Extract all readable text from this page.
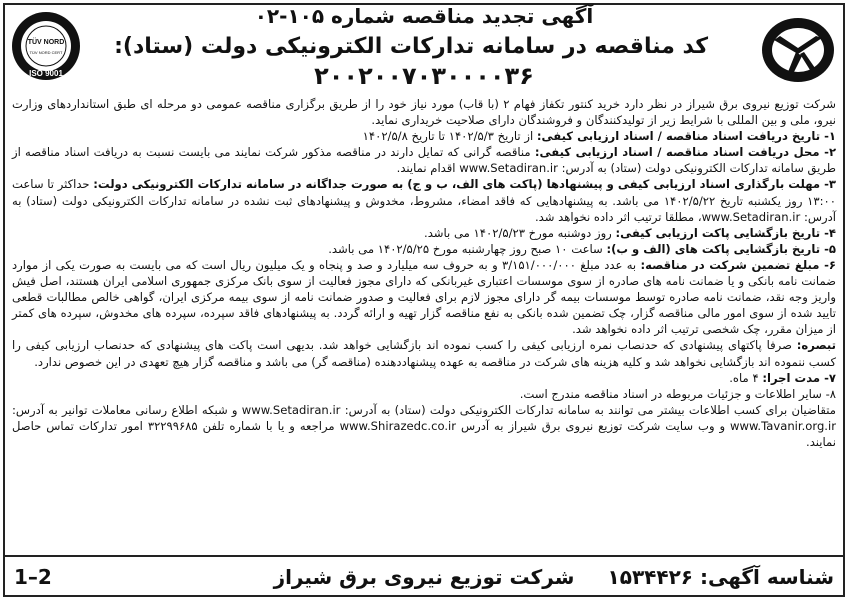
TÜV NORD
TÜV NORD CERT
ISO 9001
آگهی تجدید مناقصه شماره ۱۰۵-۰۲
کد مناقصه در سامانه تدارکات الکترونیکی دولت (ستاد):
۲۰۰۲۰۰۷۰۳۰۰۰۰۳۶

شرکت توزیع نیروی برق شیراز در نظر دارد خرید کنتور تکفاز فهام ۲ (با قاب) مورد نیاز خود را از طریق برگزاری مناقصه عمومی دو مرحله ای طبق استانداردهای وزارت نیرو، ملی و بین المللی با شرایط زیر از تولیدکنندگان و فروشندگان دارای صلاحیت خریداری نماید.

۱- تاریخ دریافت اسناد مناقصه / اسناد ارزیابی کیفی: از تاریخ ۱۴۰۲/۵/۳ تا تاریخ ۱۴۰۲/۵/۸

۲- محل دریافت اسناد مناقصه / اسناد ارزیابی کیفی: مناقصه گرانی که تمایل دارند در مناقصه مذکور شرکت نمایند می بایست نسبت به دریافت اسناد مناقصه از طریق سامانه تدارکات الکترونیکی دولت (ستاد) به آدرس: www.Setadiran.ir اقدام نمایند.

۳- مهلت بارگذاری اسناد ارزیابی کیفی و پیشنهادها (پاکت های الف، ب و ج) به صورت جداگانه در سامانه تدارکات الکترونیکی دولت: حداکثر تا ساعت ۱۳:۰۰ روز یکشنبه تاریخ ۱۴۰۲/۵/۲۲ می باشد. به پیشنهادهایی که فاقد امضاء، مشروط، مخدوش و پیشنهادهای ثبت نشده در سامانه تدارکات الکترونیکی دولت (ستاد) به آدرس: www.Setadiran.ir، مطلقا ترتیب اثر داده نخواهد شد.

۴- تاریخ بازگشایی پاکت ارزیابی کیفی: روز دوشنبه مورخ ۱۴۰۲/۵/۲۳ می باشد.

۵- تاریخ بازگشایی پاکت های (الف و ب): ساعت ۱۰ صبح روز چهارشنبه مورخ ۱۴۰۲/۵/۲۵ می باشد.

۶- مبلغ تضمین شرکت در مناقصه: به عدد مبلغ ۳/۱۵۱/۰۰۰/۰۰۰ و به حروف سه میلیارد و صد و پنجاه و یک میلیون ریال است که می بایست به صورت یکی از موارد ضمانت نامه بانکی و یا ضمانت نامه های صادره از سوی موسسات اعتباری غیربانکی که دارای مجوز فعالیت از سوی بانک مرکزی جمهوری اسلامی ایران هستند، اصل فیش واریز وجه نقد، ضمانت نامه صادره توسط موسسات بیمه گر دارای مجوز لازم برای فعالیت و صدور ضمانت نامه از سوی بیمه مرکزی ایران، گواهی خالص مطالبات قطعی تایید شده از سوی امور مالی مناقصه گزار، چک تضمین شده بانکی به نفع مناقصه گزار تهیه و ارائه گردد. به پیشنهادهای فاقد سپرده، سپرده های مخدوش، سپرده های کمتر از میزان مقرر، چک شخصی ترتیب اثر داده نخواهد شد.

تبصره: صرفا پاکتهای پیشنهادی که حدنصاب نمره ارزیابی کیفی را کسب نموده اند بازگشایی خواهد شد. بدیهی است پاکت های پیشنهادی که حدنصاب ارزیابی کیفی را کسب ننموده اند بازگشایی نخواهد شد و کلیه هزینه های شرکت در مناقصه به عهده پیشنهاددهنده (مناقصه گر) می باشد و مناقصه گزار هیچ تعهدی در این خصوص ندارد.

۷- مدت اجرا: ۴ ماه.

۸- سایر اطلاعات و جزئیات مربوطه در اسناد مناقصه مندرج است.

متقاضیان برای کسب اطلاعات بیشتر می توانند به سامانه تدارکات الکترونیکی دولت (ستاد) به آدرس: www.Setadiran.ir و شبکه اطلاع رسانی معاملات توانیر به آدرس: www.Tavanir.org.ir و وب سایت شرکت توزیع نیروی برق شیراز به آدرس www.Shirazedc.co.ir مراجعه و یا با شماره تلفن ۳۲۲۹۹۶۸۵ امور تدارکات تماس حاصل نمایند.

شناسه آگهی: ۱۵۳۴۴۲۶
شرکت توزیع نیروی برق شیراز
1–2
